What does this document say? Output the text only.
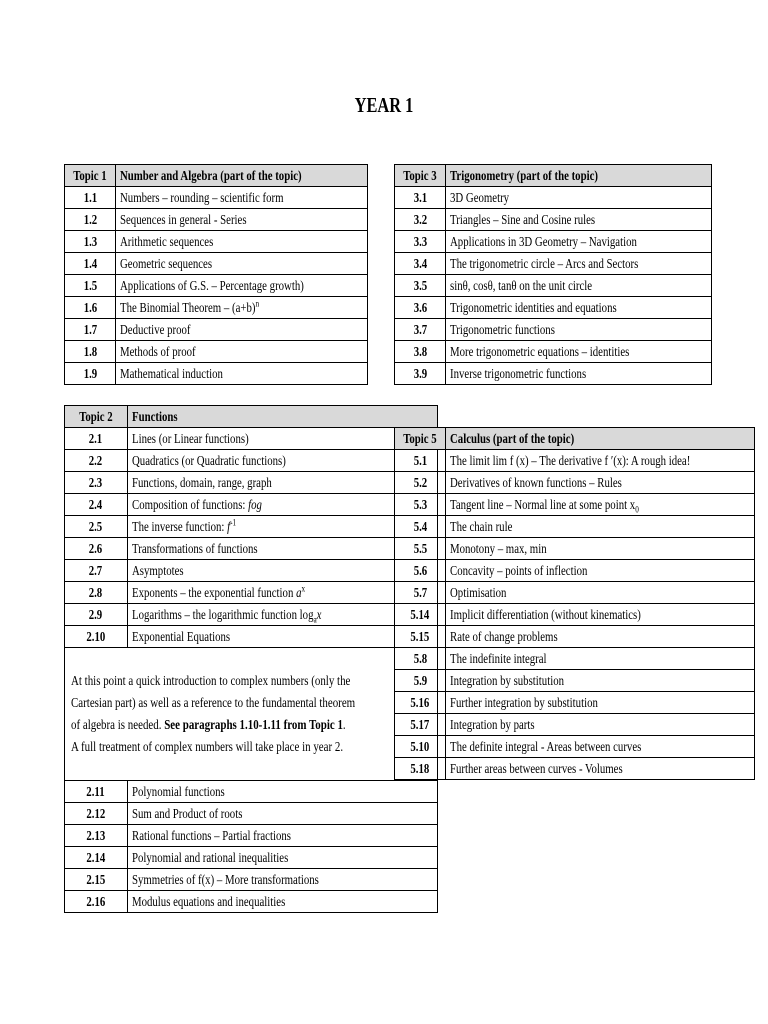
YEAR 1
Topic 1	Number and Algebra (part of the topic)
1.1	Numbers – rounding – scientific form
1.2	Sequences in general - Series
1.3	Arithmetic sequences
1.4	Geometric sequences
1.5	Applications of G.S. – Percentage growth)
1.6	The Binomial Theorem – $(a+b)^n$
1.7	Deductive proof
1.8	Methods of proof
1.9	Mathematical induction
Topic 2	Functions
2.1	Lines (or Linear functions)
2.2	Quadratics (or Quadratic functions)
2.3	Functions, domain, range, graph
2.4	Composition of functions: fog
2.5	The inverse function: $f^{-1}$
2.6	Transformations of functions
2.7	Asymptotes
2.8	Exponents – the exponential function $a^x$
2.9	Logarithms – the logarithmic function $\log_ax$
2.10	Exponential Equations

At this point a quick introduction to complex numbers (only the Cartesian part) as well as a reference to the fundamental theorem of algebra is needed. See paragraphs 1.10-1.11 from Topic 1.
A full treatment of complex numbers will take place in year 2.	

2.11	Polynomial functions
2.12	Sum and Product of roots
2.13	Rational functions – Partial fractions
2.14	Polynomial and rational inequalities
2.15	Symmetries of f(x) – More transformations
2.16	Modulus equations and inequalities
Topic 3	Trigonometry (part of the topic)
3.1	3D Geometry
3.2	Triangles – Sine and Cosine rules
3.3	Applications in 3D Geometry – Navigation
3.4	The trigonometric circle – Arcs and Sectors
3.5	sinθ, cosθ, tanθ on the unit circle
3.6	Trigonometric identities and equations
3.7	Trigonometric functions
3.8	More trigonometric equations – identities
3.9	Inverse trigonometric functions
Topic 5	Calculus (part of the topic)
5.1	The limit lim f (x) – The derivative f ′(x): A rough idea!
5.2	Derivatives of known functions – Rules
5.3	Tangent line – Normal line at some point $x_0$
5.4	The chain rule
5.5	Monotony – max, min
5.6	Concavity – points of inflection
5.7	Optimisation
5.14	Implicit differentiation (without kinematics)
5.15	Rate of change problems
5.8	The indefinite integral
5.9	Integration by substitution
5.16	Further integration by substitution
5.17	Integration by parts
5.10	The definite integral - Areas between curves
5.18	Further areas between curves - Volumes
